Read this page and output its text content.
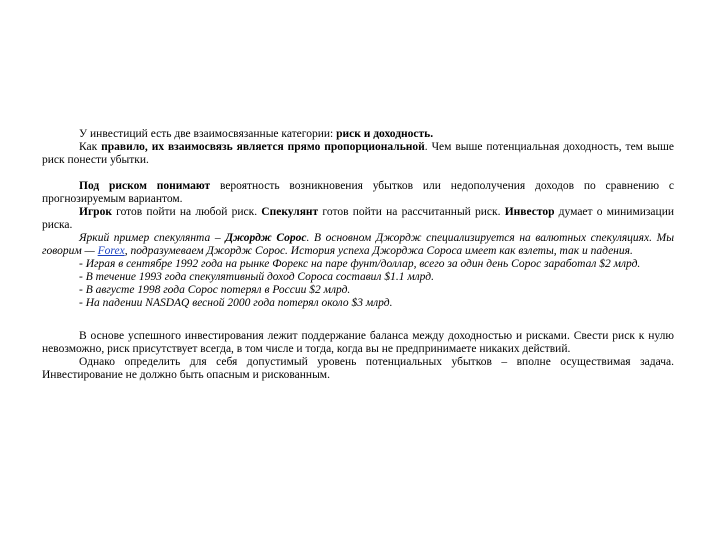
У инвестиций есть две взаимосвязанные категории: риск и доходность.

Как правило, их взаимосвязь является прямо пропорциональной. Чем выше потенциальная доходность, тем выше риск понести убытки.

Под риском понимают вероятность возникновения убытков или недополучения доходов по сравнению с прогнозируемым вариантом.

Игрок готов пойти на любой риск. Спекулянт готов пойти на рассчитанный риск. Инвестор думает о минимизации риска.

Яркий пример спекулянта – Джордж Сорос. В основном Джордж специализируется на валютных спекуляциях. Мы говорим — Forex, подразумеваем Джордж Сорос. История успеха Джорджа Сороса имеет как взлеты, так и падения.

- Играя в сентябре 1992 года на рынке Форекс на паре фунт/доллар, всего за один день Сорос заработал $2 млрд.

- В течение 1993 года спекулятивный доход Сороса составил $1.1 млрд.

- В августе 1998 года Сорос потерял в России $2 млрд.

- На падении NASDAQ весной 2000 года потерял около $3 млрд.

В основе успешного инвестирования лежит поддержание баланса между доходностью и рисками. Свести риск к нулю невозможно, риск присутствует всегда, в том числе и тогда, когда вы не предпринимаете никаких действий.

Однако определить для себя допустимый уровень потенциальных убытков – вполне осуществимая задача. Инвестирование не должно быть опасным и рискованным.
